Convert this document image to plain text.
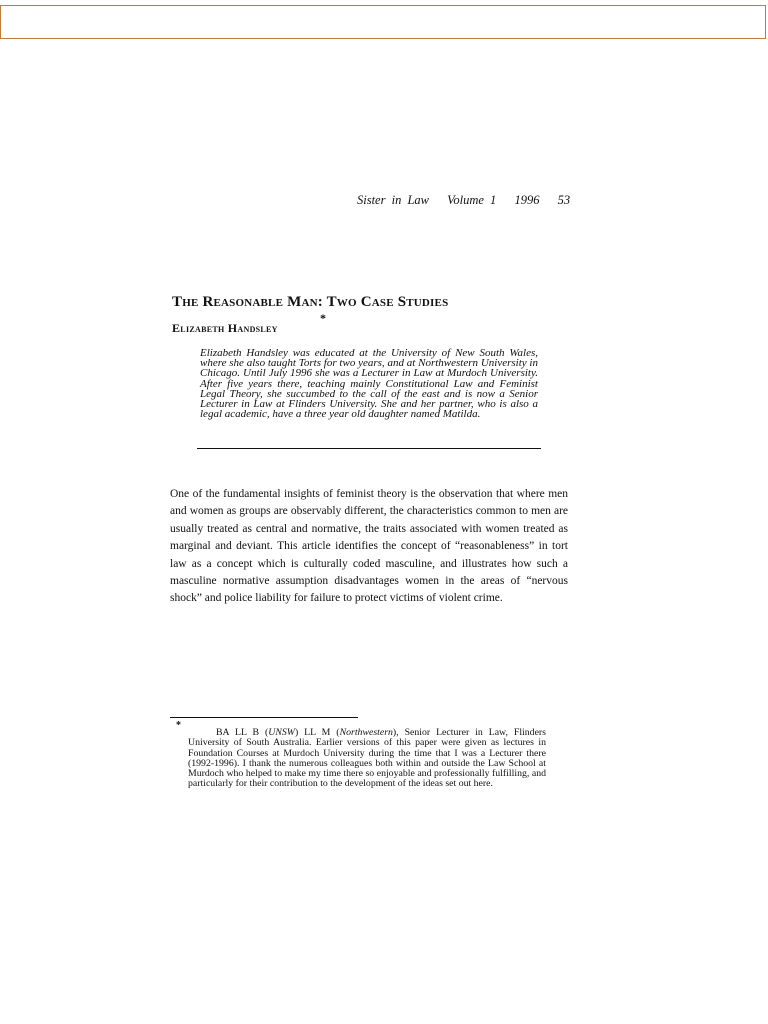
Sister in Law Volume 1 1996 53
The Reasonable Man: Two Case Studies
*
Elizabeth Handsley

Elizabeth Handsley was educated at the University of New South Wales, where she also taught Torts for two years, and at Northwestern University in Chicago. Until July 1996 she was a Lecturer in Law at Murdoch University. After five years there, teaching mainly Constitutional Law and Feminist Legal Theory, she succumbed to the call of the east and is now a Senior Lecturer in Law at Flinders University. She and her partner, who is also a legal academic, have a three year old daughter named Matilda.

One of the fundamental insights of feminist theory is the observation that where men and women as groups are observably different, the characteristics common to men are usually treated as central and normative, the traits associated with women treated as marginal and deviant. This article identifies the concept of “reasonableness” in tort law as a concept which is culturally coded masculine, and illustrates how such a masculine normative assumption disadvantages women in the areas of “nervous shock” and police liability for failure to protect victims of violent crime.

*

BA LL B (UNSW) LL M (Northwestern), Senior Lecturer in Law, Flinders University of South Australia. Earlier versions of this paper were given as lectures in Foundation Courses at Murdoch University during the time that I was a Lecturer there (1992-1996). I thank the numerous colleagues both within and outside the Law School at Murdoch who helped to make my time there so enjoyable and professionally fulfilling, and particularly for their contribution to the development of the ideas set out here.
